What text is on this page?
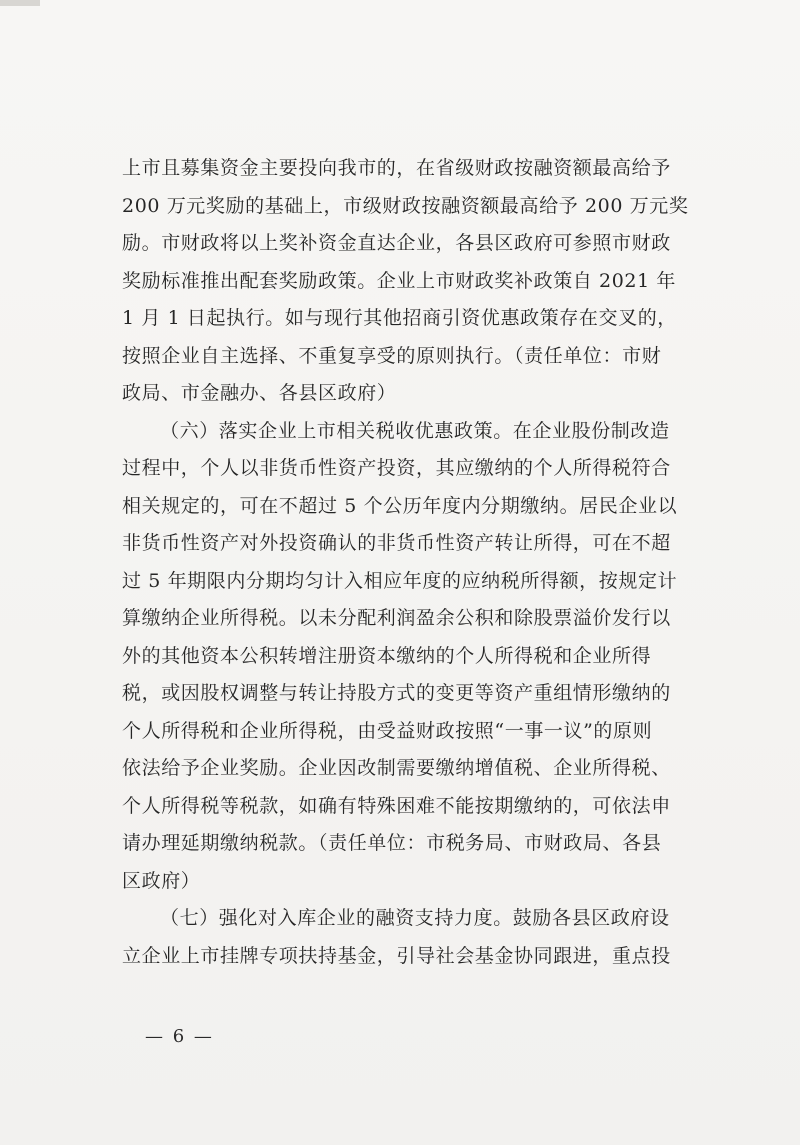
上市且募集资金主要投向我市的，在省级财政按融资额最高给予
200 万元奖励的基础上，市级财政按融资额最高给予 200 万元奖
励。市财政将以上奖补资金直达企业，各县区政府可参照市财政
奖励标准推出配套奖励政策。企业上市财政奖补政策自 2021 年
1 月 1 日起执行。如与现行其他招商引资优惠政策存在交叉的，
按照企业自主选择、不重复享受的原则执行。（责任单位：市财
政局、市金融办、各县区政府）
（六）落实企业上市相关税收优惠政策。在企业股份制改造
过程中，个人以非货币性资产投资，其应缴纳的个人所得税符合
相关规定的，可在不超过 5 个公历年度内分期缴纳。居民企业以
非货币性资产对外投资确认的非货币性资产转让所得，可在不超
过 5 年期限内分期均匀计入相应年度的应纳税所得额，按规定计
算缴纳企业所得税。以未分配利润盈余公积和除股票溢价发行以
外的其他资本公积转增注册资本缴纳的个人所得税和企业所得
税，或因股权调整与转让持股方式的变更等资产重组情形缴纳的
个人所得税和企业所得税，由受益财政按照“一事一议”的原则
依法给予企业奖励。企业因改制需要缴纳增值税、企业所得税、
个人所得税等税款，如确有特殊困难不能按期缴纳的，可依法申
请办理延期缴纳税款。（责任单位：市税务局、市财政局、各县
区政府）
（七）强化对入库企业的融资支持力度。鼓励各县区政府设
立企业上市挂牌专项扶持基金，引导社会基金协同跟进，重点投
— 6 —
